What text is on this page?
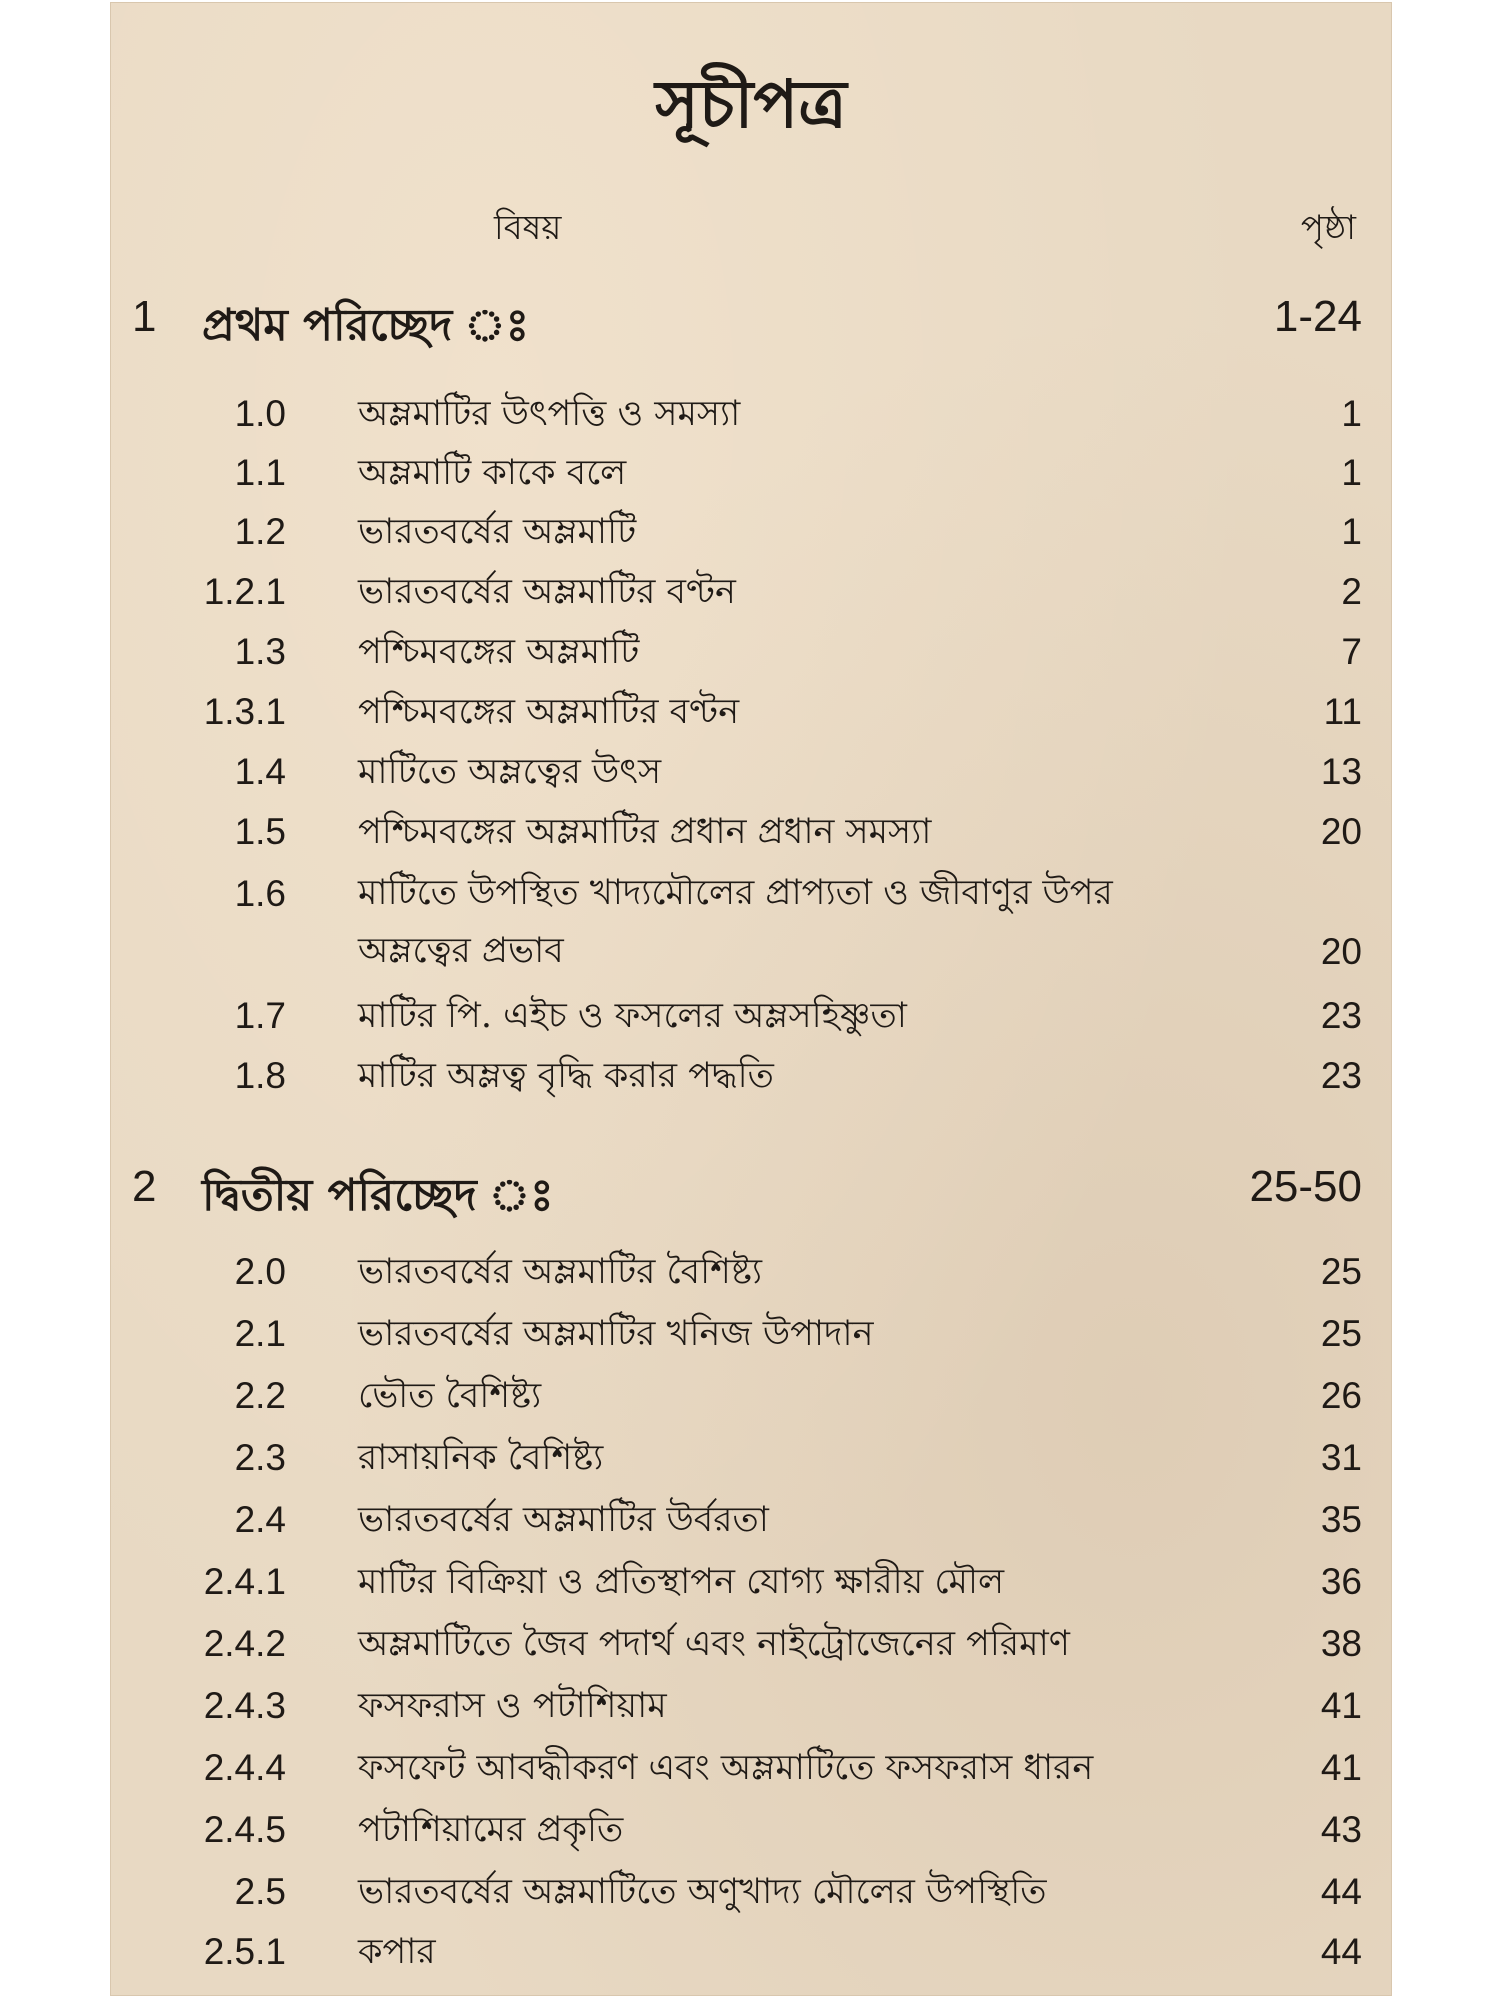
সূচীপত্র
বিষয়	পৃষ্ঠা
1 প্রথম পরিচ্ছেদ ঃ	1-24
1.0 অম্লমাটির উৎপত্তি ও সমস্যা	1
1.1 অম্লমাটি কাকে বলে	1
1.2 ভারতবর্ষের অম্লমাটি	1
1.2.1 ভারতবর্ষের অম্লমাটির বণ্টন	2
1.3 পশ্চিমবঙ্গের অম্লমাটি	7
1.3.1 পশ্চিমবঙ্গের অম্লমাটির বণ্টন	11
1.4 মাটিতে অম্লত্বের উৎস	13
1.5 পশ্চিমবঙ্গের অম্লমাটির প্রধান প্রধান সমস্যা	20
1.6 মাটিতে উপস্থিত খাদ্যমৌলের প্রাপ্যতা ও জীবাণুর উপর অম্লত্বের প্রভাব	20
1.7 মাটির পি. এইচ ও ফসলের অম্লসহিষ্ণুতা	23
1.8 মাটির অম্লত্ব বৃদ্ধি করার পদ্ধতি	23
2 দ্বিতীয় পরিচ্ছেদ ঃ	25-50
2.0 ভারতবর্ষের অম্লমাটির বৈশিষ্ট্য	25
2.1 ভারতবর্ষের অম্লমাটির খনিজ উপাদান	25
2.2 ভৌত বৈশিষ্ট্য	26
2.3 রাসায়নিক বৈশিষ্ট্য	31
2.4 ভারতবর্ষের অম্লমাটির উর্বরতা	35
2.4.1 মাটির বিক্রিয়া ও প্রতিস্থাপন যোগ্য ক্ষারীয় মৌল	36
2.4.2 অম্লমাটিতে জৈব পদার্থ এবং নাইট্রোজেনের পরিমাণ	38
2.4.3 ফসফরাস ও পটাশিয়াম	41
2.4.4 ফসফেট আবদ্ধীকরণ এবং অম্লমাটিতে ফসফরাস ধারন	41
2.4.5 পটাশিয়ামের প্রকৃতি	43
2.5 ভারতবর্ষের অম্লমাটিতে অণুখাদ্য মৌলের উপস্থিতি	44
2.5.1 কপার	44
